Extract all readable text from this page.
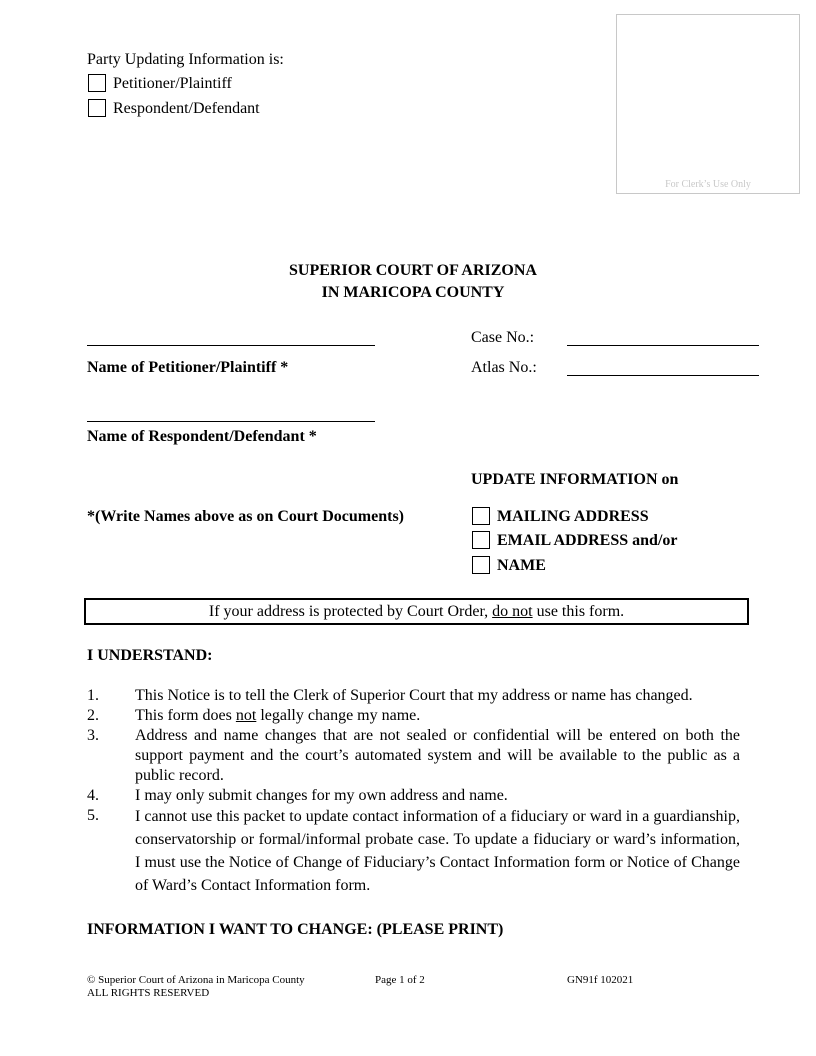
Party Updating Information is:
Petitioner/Plaintiff
Respondent/Defendant
For Clerk’s Use Only
SUPERIOR COURT OF ARIZONA
IN MARICOPA COUNTY
Name of Petitioner/Plaintiff *
Case No.:
Atlas No.:
Name of Respondent/Defendant *
UPDATE INFORMATION on
*(Write Names above as on Court Documents)	MAILING ADDRESS
EMAIL ADDRESS and/or
NAME
If your address is protected by Court Order, do not use this form.
I UNDERSTAND:
1. This Notice is to tell the Clerk of Superior Court that my address or name has changed.
2. This form does not legally change my name.
3. Address and name changes that are not sealed or confidential will be entered on both the support payment and the court’s automated system and will be available to the public as a public record.
4. I may only submit changes for my own address and name.
5. I cannot use this packet to update contact information of a fiduciary or ward in a guardianship, conservatorship or formal/informal probate case. To update a fiduciary or ward’s information, I must use the Notice of Change of Fiduciary’s Contact Information form or Notice of Change of Ward’s Contact Information form.
INFORMATION I WANT TO CHANGE: (PLEASE PRINT)
© Superior Court of Arizona in Maricopa County
ALL RIGHTS RESERVED
Page 1 of 2	GN91f 102021
